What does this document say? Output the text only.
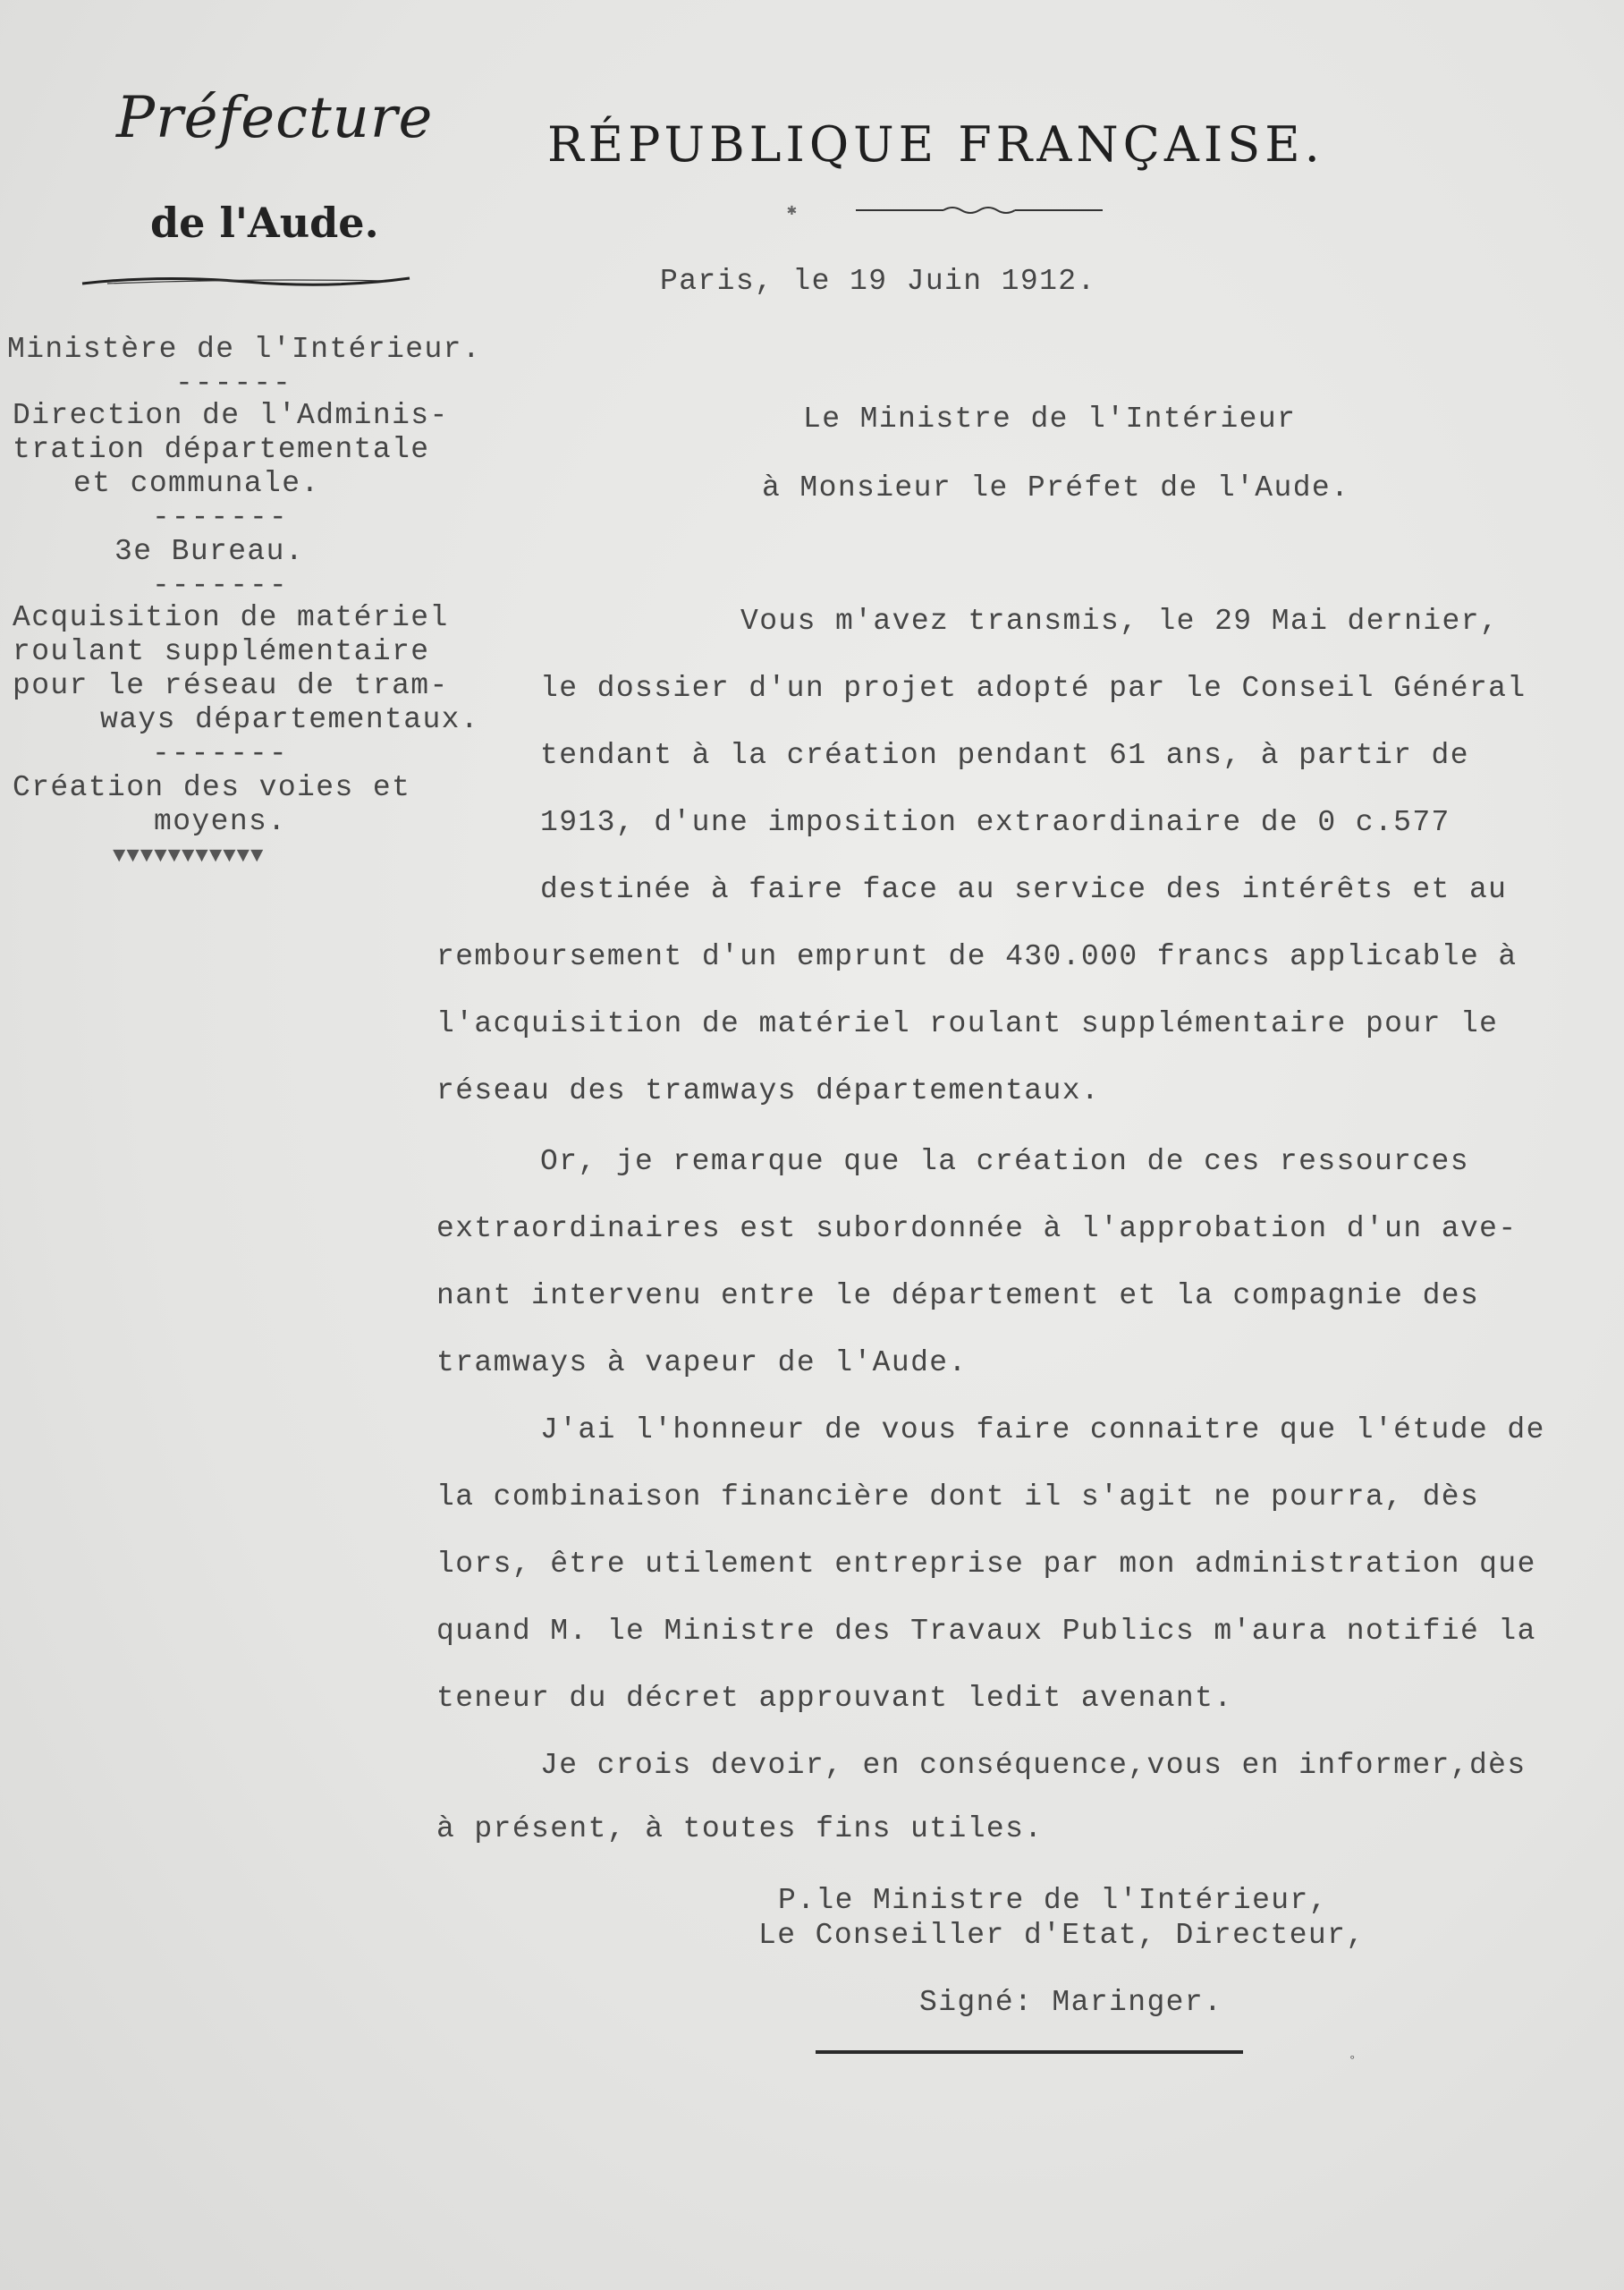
Préfecture
de l'Aude.
RÉPUBLIQUE FRANÇAISE.
✱
Paris, le 19 Juin 1912.
Ministère de l'Intérieur.
------
Direction de l'Adminis-
tration départementale
et communale.
-------
3e Bureau.
-------
Acquisition de matériel
roulant supplémentaire
pour le réseau de tram-
ways départementaux.
-------
Création des voies et
moyens.
▼▼▼▼▼▼▼▼▼▼▼
Le Ministre de l'Intérieur
à Monsieur le Préfet de l'Aude.
Vous m'avez transmis, le 29 Mai dernier,
le dossier d'un projet adopté par le Conseil Général
tendant à la création pendant 61 ans, à partir de
1913, d'une imposition extraordinaire de 0 c.577
destinée à faire face au service des intérêts et au
remboursement d'un emprunt de 430.000 francs applicable à
l'acquisition de matériel roulant supplémentaire pour le
réseau des tramways départementaux.
Or, je remarque que la création de ces ressources
extraordinaires est subordonnée à l'approbation d'un ave-
nant intervenu entre le département et la compagnie des
tramways à vapeur de l'Aude.
J'ai l'honneur de vous faire connaitre que l'étude de
la combinaison financière dont il s'agit ne pourra, dès
lors, être utilement entreprise par mon administration que
quand M. le Ministre des Travaux Publics m'aura notifié la
teneur du décret approuvant ledit avenant.
Je crois devoir, en conséquence,vous en informer,dès
à présent, à toutes fins utiles.
P.le Ministre de l'Intérieur,
Le Conseiller d'Etat, Directeur,
Signé: Maringer.
°
